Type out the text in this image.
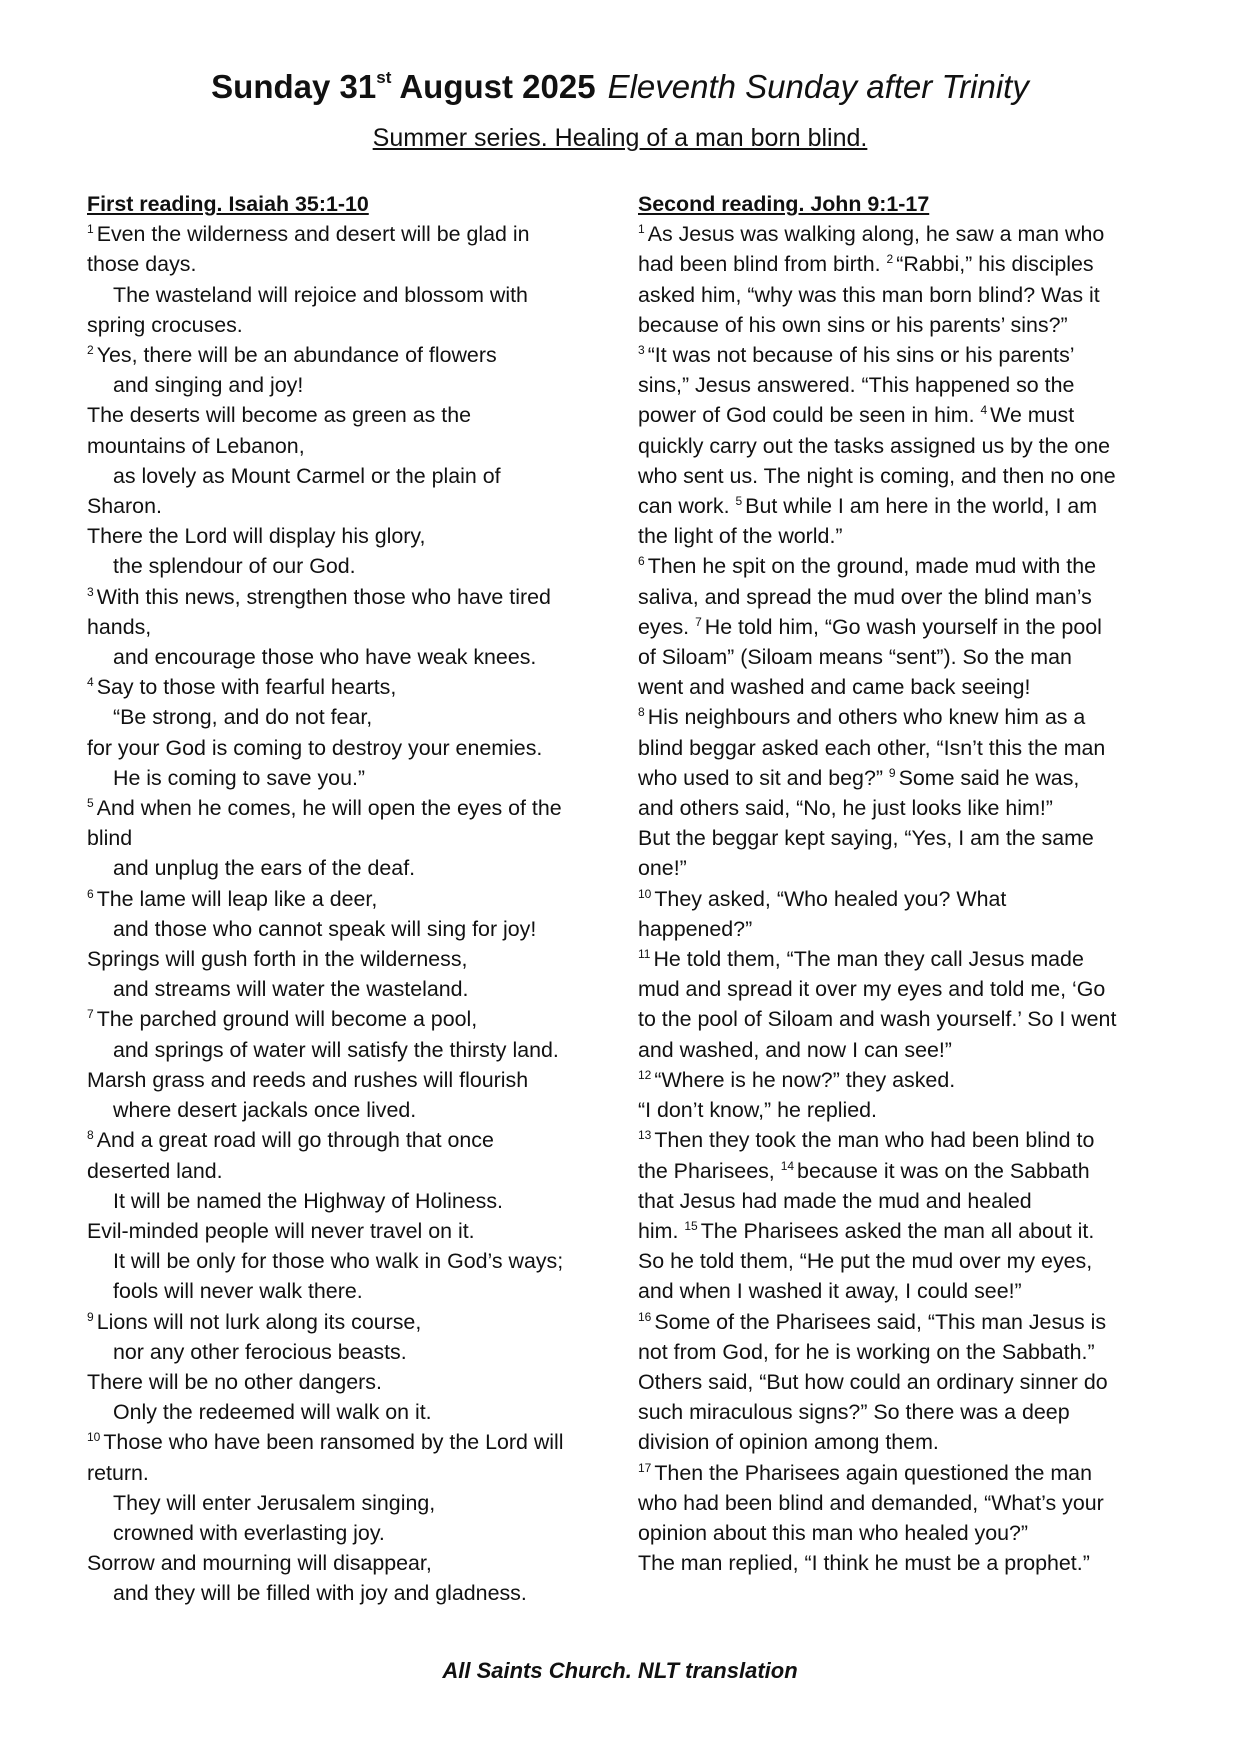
Sunday 31st August 2025 Eleventh Sunday after Trinity
Summer series. Healing of a man born blind.
First reading. Isaiah 35:1-10
$^1$ Even the wilderness and desert will be glad in
those days.
The wasteland will rejoice and blossom with
spring crocuses.
$^2$ Yes, there will be an abundance of flowers
and singing and joy!
The deserts will become as green as the
mountains of Lebanon,
as lovely as Mount Carmel or the plain of
Sharon.
There the Lord will display his glory,
the splendour of our God.
$^3$ With this news, strengthen those who have tired
hands,
and encourage those who have weak knees.
$^4$ Say to those with fearful hearts,
“Be strong, and do not fear,
for your God is coming to destroy your enemies.
He is coming to save you.”
$^5$ And when he comes, he will open the eyes of the
blind
and unplug the ears of the deaf.
$^6$ The lame will leap like a deer,
and those who cannot speak will sing for joy!
Springs will gush forth in the wilderness,
and streams will water the wasteland.
$^7$ The parched ground will become a pool,
and springs of water will satisfy the thirsty land.
Marsh grass and reeds and rushes will flourish
where desert jackals once lived.
$^8$ And a great road will go through that once
deserted land.
It will be named the Highway of Holiness.
Evil-minded people will never travel on it.
It will be only for those who walk in God’s ways;
fools will never walk there.
$^9$ Lions will not lurk along its course,
nor any other ferocious beasts.
There will be no other dangers.
Only the redeemed will walk on it.
$^{10}$ Those who have been ransomed by the Lord will
return.
They will enter Jerusalem singing,
crowned with everlasting joy.
Sorrow and mourning will disappear,
and they will be filled with joy and gladness.
Second reading. John 9:1-17
$^1$ As Jesus was walking along, he saw a man who
had been blind from birth. $^2$ “Rabbi,” his disciples
asked him, “why was this man born blind? Was it
because of his own sins or his parents’ sins?”
$^3$ “It was not because of his sins or his parents’
sins,” Jesus answered. “This happened so the
power of God could be seen in him. $^4$ We must
quickly carry out the tasks assigned us by the one
who sent us. The night is coming, and then no one
can work. $^5$ But while I am here in the world, I am
the light of the world.”
$^6$ Then he spit on the ground, made mud with the
saliva, and spread the mud over the blind man’s
eyes. $^7$ He told him, “Go wash yourself in the pool
of Siloam” (Siloam means “sent”). So the man
went and washed and came back seeing!
$^8$ His neighbours and others who knew him as a
blind beggar asked each other, “Isn’t this the man
who used to sit and beg?” $^9$ Some said he was,
and others said, “No, he just looks like him!”
But the beggar kept saying, “Yes, I am the same
one!”
$^{10}$ They asked, “Who healed you? What
happened?”
$^{11}$ He told them, “The man they call Jesus made
mud and spread it over my eyes and told me, ‘Go
to the pool of Siloam and wash yourself.’ So I went
and washed, and now I can see!”
$^{12}$ “Where is he now?” they asked.
“I don’t know,” he replied.
$^{13}$ Then they took the man who had been blind to
the Pharisees, $^{14}$ because it was on the Sabbath
that Jesus had made the mud and healed
him. $^{15}$ The Pharisees asked the man all about it.
So he told them, “He put the mud over my eyes,
and when I washed it away, I could see!”
$^{16}$ Some of the Pharisees said, “This man Jesus is
not from God, for he is working on the Sabbath.”
Others said, “But how could an ordinary sinner do
such miraculous signs?” So there was a deep
division of opinion among them.
$^{17}$ Then the Pharisees again questioned the man
who had been blind and demanded, “What’s your
opinion about this man who healed you?”
The man replied, “I think he must be a prophet.”
All Saints Church. NLT translation
